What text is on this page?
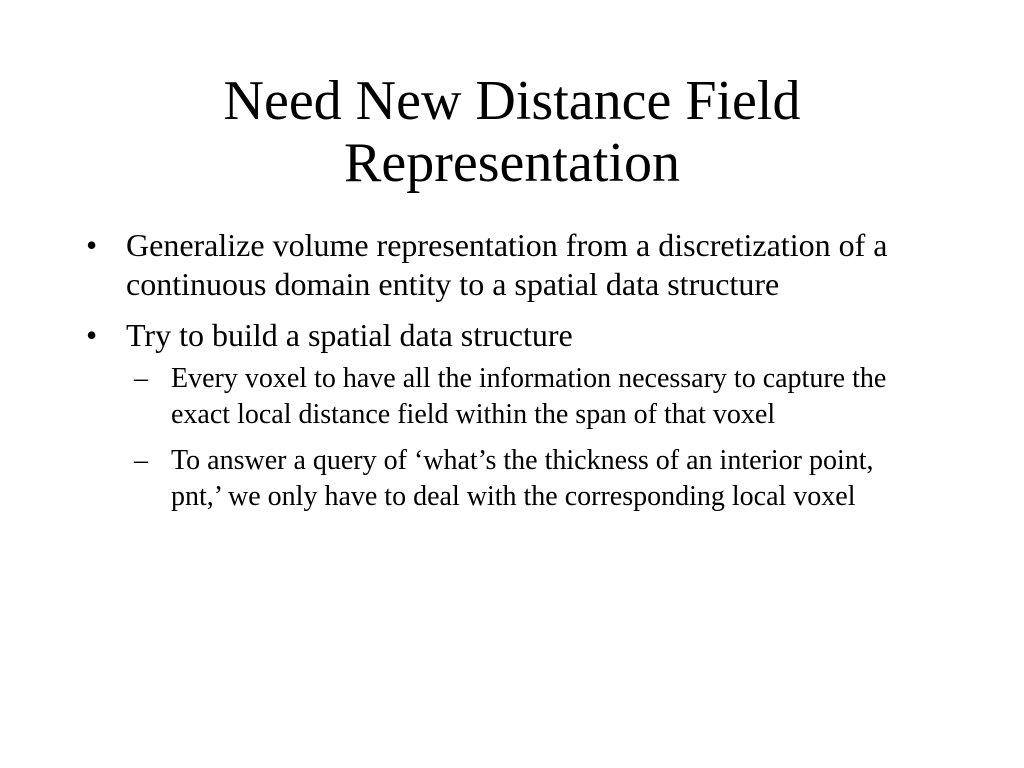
Need New Distance Field
Representation
• Generalize volume representation from a discretization of a continuous domain entity to a spatial data structure
• Try to build a spatial data structure
– Every voxel to have all the information necessary to capture the exact local distance field within the span of that voxel
– To answer a query of ‘what’s the thickness of an interior point, pnt,’ we only have to deal with the corresponding local voxel
